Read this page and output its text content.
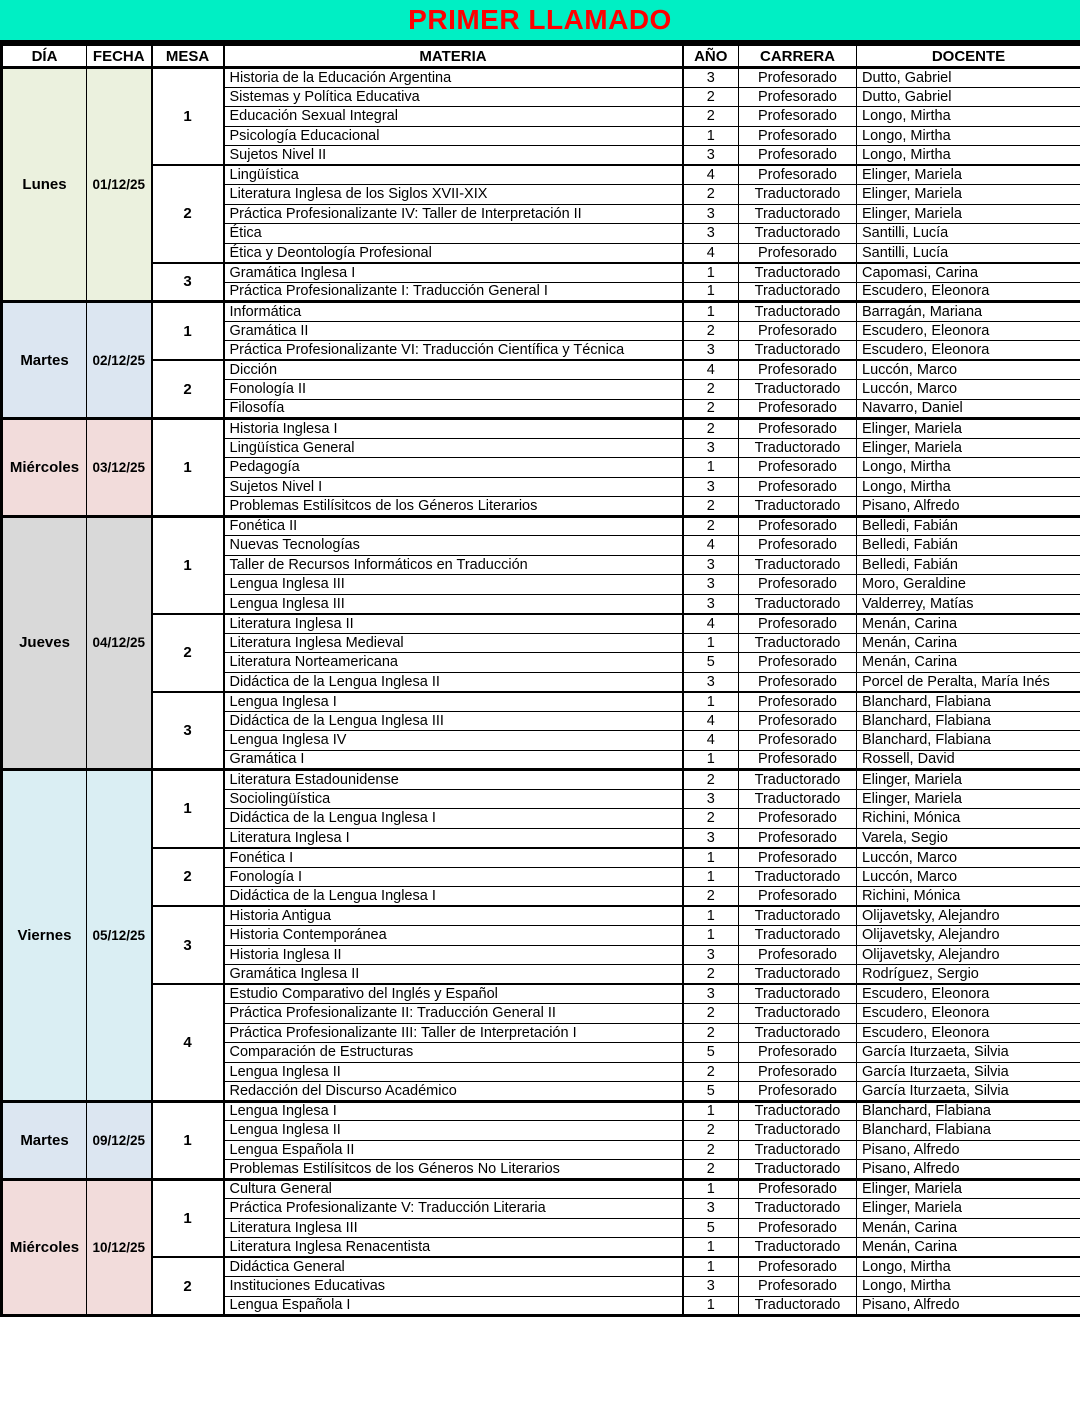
PRIMER LLAMADO
DÍA	FECHA	MESA	MATERIA	AÑO	CARRERA	DOCENTE
Lunes	01/12/25	1	Historia de la Educación Argentina	3	Profesorado	Dutto, Gabriel
			Sistemas y Política Educativa	2	Profesorado	Dutto, Gabriel
			Educación Sexual Integral	2	Profesorado	Longo, Mirtha
			Psicología Educacional	1	Profesorado	Longo, Mirtha
			Sujetos Nivel II	3	Profesorado	Longo, Mirtha
		2	Lingüística	4	Profesorado	Elinger, Mariela
			Literatura Inglesa de los Siglos XVII-XIX	2	Traductorado	Elinger, Mariela
			Práctica Profesionalizante IV: Taller de Interpretación II	3	Traductorado	Elinger, Mariela
			Ética	3	Traductorado	Santilli, Lucía
			Ética y Deontología Profesional	4	Profesorado	Santilli, Lucía
		3	Gramática Inglesa I	1	Traductorado	Capomasi, Carina
			Práctica Profesionalizante I: Traducción General I	1	Traductorado	Escudero, Eleonora
Martes	02/12/25	1	Informática	1	Traductorado	Barragán, Mariana
			Gramática II	2	Profesorado	Escudero, Eleonora
			Práctica Profesionalizante VI: Traducción Científica y Técnica	3	Traductorado	Escudero, Eleonora
		2	Dicción	4	Profesorado	Luccón, Marco
			Fonología II	2	Traductorado	Luccón, Marco
			Filosofía	2	Profesorado	Navarro, Daniel
Miércoles	03/12/25	1	Historia Inglesa I	2	Profesorado	Elinger, Mariela
			Lingüística General	3	Traductorado	Elinger, Mariela
			Pedagogía	1	Profesorado	Longo, Mirtha
			Sujetos Nivel I	3	Profesorado	Longo, Mirtha
			Problemas Estilísitcos de los Géneros Literarios	2	Traductorado	Pisano, Alfredo
Jueves	04/12/25	1	Fonética II	2	Profesorado	Belledi, Fabián
			Nuevas Tecnologías	4	Profesorado	Belledi, Fabián
			Taller de Recursos Informáticos en Traducción	3	Traductorado	Belledi, Fabián
			Lengua Inglesa III	3	Profesorado	Moro, Geraldine
			Lengua Inglesa III	3	Traductorado	Valderrey, Matías
		2	Literatura Inglesa II	4	Profesorado	Menán, Carina
			Literatura Inglesa Medieval	1	Traductorado	Menán, Carina
			Literatura Norteamericana	5	Profesorado	Menán, Carina
			Didáctica de la Lengua Inglesa II	3	Profesorado	Porcel de Peralta, María Inés
		3	Lengua Inglesa I	1	Profesorado	Blanchard, Flabiana
			Didáctica de la Lengua Inglesa III	4	Profesorado	Blanchard, Flabiana
			Lengua Inglesa IV	4	Profesorado	Blanchard, Flabiana
			Gramática I	1	Profesorado	Rossell, David
Viernes	05/12/25	1	Literatura Estadounidense	2	Traductorado	Elinger, Mariela
			Sociolingüística	3	Traductorado	Elinger, Mariela
			Didáctica de la Lengua Inglesa I	2	Profesorado	Richini, Mónica
			Literatura Inglesa I	3	Profesorado	Varela, Segio
		2	Fonética I	1	Profesorado	Luccón, Marco
			Fonología I	1	Traductorado	Luccón, Marco
			Didáctica de la Lengua Inglesa I	2	Profesorado	Richini, Mónica
		3	Historia Antigua	1	Traductorado	Olijavetsky, Alejandro
			Historia Contemporánea	1	Traductorado	Olijavetsky, Alejandro
			Historia Inglesa II	3	Profesorado	Olijavetsky, Alejandro
			Gramática Inglesa II	2	Traductorado	Rodríguez, Sergio
		4	Estudio Comparativo del Inglés y Español	3	Traductorado	Escudero, Eleonora
			Práctica Profesionalizante II: Traducción General II	2	Traductorado	Escudero, Eleonora
			Práctica Profesionalizante III: Taller de Interpretación I	2	Traductorado	Escudero, Eleonora
			Comparación de Estructuras	5	Profesorado	García Iturzaeta, Silvia
			Lengua Inglesa II	2	Profesorado	García Iturzaeta, Silvia
			Redacción del Discurso Académico	5	Profesorado	García Iturzaeta, Silvia
Martes	09/12/25	1	Lengua Inglesa I	1	Traductorado	Blanchard, Flabiana
			Lengua Inglesa II	2	Traductorado	Blanchard, Flabiana
			Lengua Española II	2	Traductorado	Pisano, Alfredo
			Problemas Estilísitcos de los Géneros No Literarios	2	Traductorado	Pisano, Alfredo
Miércoles	10/12/25	1	Cultura General	1	Profesorado	Elinger, Mariela
			Práctica Profesionalizante V: Traducción Literaria	3	Traductorado	Elinger, Mariela
			Literatura Inglesa III	5	Profesorado	Menán, Carina
			Literatura Inglesa Renacentista	1	Traductorado	Menán, Carina
		2	Didáctica General	1	Profesorado	Longo, Mirtha
			Instituciones Educativas	3	Profesorado	Longo, Mirtha
			Lengua Española I	1	Traductorado	Pisano, Alfredo
